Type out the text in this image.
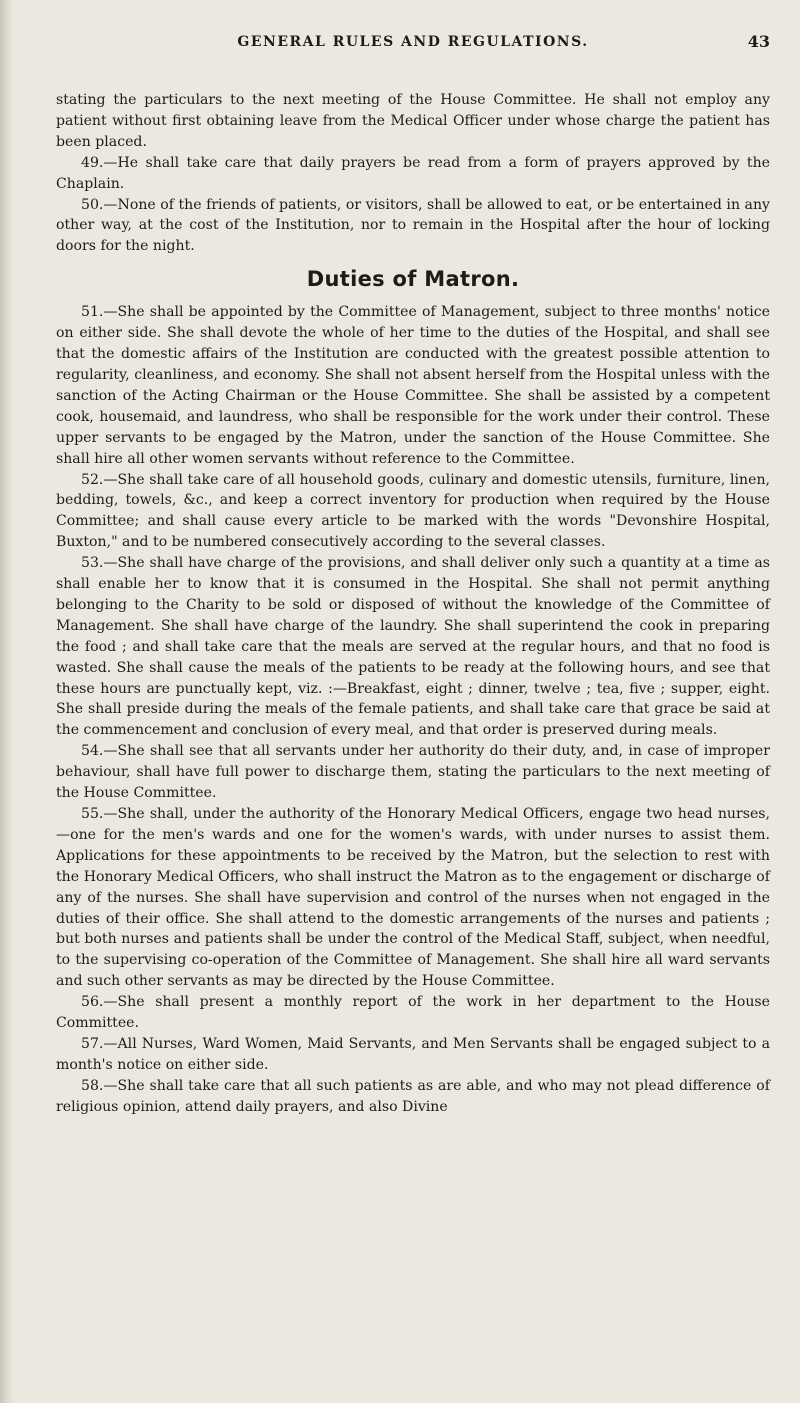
GENERAL RULES AND REGULATIONS.	43

stating the particulars to the next meeting of the House Committee. He shall not employ any patient without first obtaining leave from the Medical Officer under whose charge the patient has been placed.

49.—He shall take care that daily prayers be read from a form of prayers approved by the Chaplain.

50.—None of the friends of patients, or visitors, shall be allowed to eat, or be entertained in any other way, at the cost of the Institution, nor to remain in the Hospital after the hour of locking doors for the night.

Duties of Matron.

51.—She shall be appointed by the Committee of Management, subject to three months' notice on either side. She shall devote the whole of her time to the duties of the Hospital, and shall see that the domestic affairs of the Institution are conducted with the greatest possible attention to regularity, cleanliness, and economy. She shall not absent herself from the Hospital unless with the sanction of the Acting Chairman or the House Committee. She shall be assisted by a competent cook, housemaid, and laundress, who shall be responsible for the work under their control. These upper servants to be engaged by the Matron, under the sanction of the House Committee. She shall hire all other women servants without reference to the Committee.

52.—She shall take care of all household goods, culinary and domestic utensils, furniture, linen, bedding, towels, &c., and keep a correct inventory for production when required by the House Committee; and shall cause every article to be marked with the words "Devonshire Hospital, Buxton," and to be numbered consecutively according to the several classes.

53.—She shall have charge of the provisions, and shall deliver only such a quantity at a time as shall enable her to know that it is consumed in the Hospital. She shall not permit anything belonging to the Charity to be sold or disposed of without the knowledge of the Committee of Management. She shall have charge of the laundry. She shall superintend the cook in preparing the food ; and shall take care that the meals are served at the regular hours, and that no food is wasted. She shall cause the meals of the patients to be ready at the following hours, and see that these hours are punctually kept, viz. :—Breakfast, eight ; dinner, twelve ; tea, five ; supper, eight. She shall preside during the meals of the female patients, and shall take care that grace be said at the commencement and conclusion of every meal, and that order is preserved during meals.

54.—She shall see that all servants under her authority do their duty, and, in case of improper behaviour, shall have full power to discharge them, stating the particulars to the next meeting of the House Committee.

55.—She shall, under the authority of the Honorary Medical Officers, engage two head nurses,—one for the men's wards and one for the women's wards, with under nurses to assist them. Applications for these appointments to be received by the Matron, but the selection to rest with the Honorary Medical Officers, who shall instruct the Matron as to the engagement or discharge of any of the nurses. She shall have supervision and control of the nurses when not engaged in the duties of their office. She shall attend to the domestic arrangements of the nurses and patients ; but both nurses and patients shall be under the control of the Medical Staff, subject, when needful, to the supervising co-operation of the Committee of Management. She shall hire all ward servants and such other servants as may be directed by the House Committee.

56.—She shall present a monthly report of the work in her department to the House Committee.

57.—All Nurses, Ward Women, Maid Servants, and Men Servants shall be engaged subject to a month's notice on either side.

58.—She shall take care that all such patients as are able, and who may not plead difference of religious opinion, attend daily prayers, and also Divine
